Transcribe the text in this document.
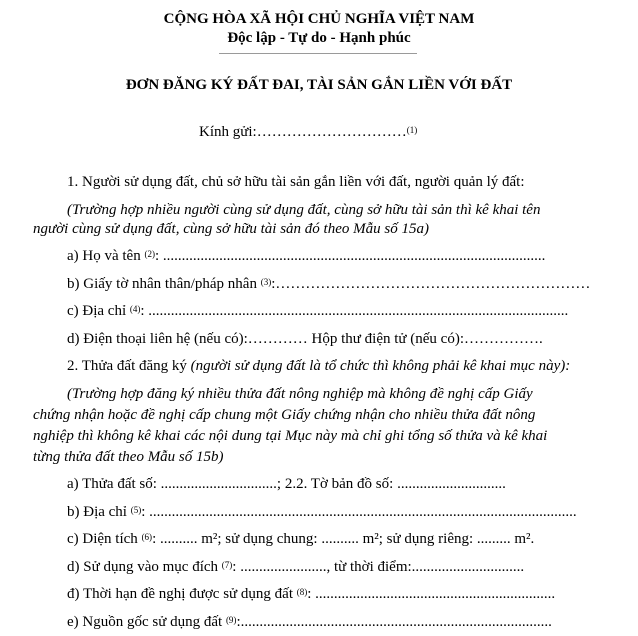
CỘNG HÒA XÃ HỘI CHỦ NGHĨA VIỆT NAM
Độc lập - Tự do - Hạnh phúc
ĐƠN ĐĂNG KÝ ĐẤT ĐAI, TÀI SẢN GẮN LIỀN VỚI ĐẤT
Kính gửi:…………………………$^{(1)}$
1. Người sử dụng đất, chủ sở hữu tài sản gắn liền với đất, người quản lý đất:
(Trường hợp nhiều người cùng sử dụng đất, cùng sở hữu tài sản thì kê khai tên
người cùng sử dụng đất, cùng sở hữu tài sản đó theo Mẫu số 15a)
a) Họ và tên $^{(2)}$: ......................................................................................................
b) Giấy tờ nhân thân/pháp nhân $^{(3)}$:………………………………………………………
c) Địa chỉ $^{(4)}$: ................................................................................................................
d) Điện thoại liên hệ (nếu có):………… Hộp thư điện tử (nếu có):…………….
2. Thửa đất đăng ký (người sử dụng đất là tổ chức thì không phải kê khai mục này):
(Trường hợp đăng ký nhiều thửa đất nông nghiệp mà không đề nghị cấp Giấy
chứng nhận hoặc đề nghị cấp chung một Giấy chứng nhận cho nhiều thửa đất nông
nghiệp thì không kê khai các nội dung tại Mục này mà chỉ ghi tổng số thửa và kê khai
từng thửa đất theo Mẫu số 15b)
a) Thửa đất số: ...............................; 2.2. Tờ bản đồ số: .............................
b) Địa chỉ $^{(5)}$: ..................................................................................................................
c) Diện tích $^{(6)}$: .......... m²; sử dụng chung: .......... m²; sử dụng riêng: ......... m².
d) Sử dụng vào mục đích $^{(7)}$: ......................., từ thời điểm:..............................
đ) Thời hạn đề nghị được sử dụng đất $^{(8)}$: ................................................................
e) Nguồn gốc sử dụng đất $^{(9)}$:...................................................................................
